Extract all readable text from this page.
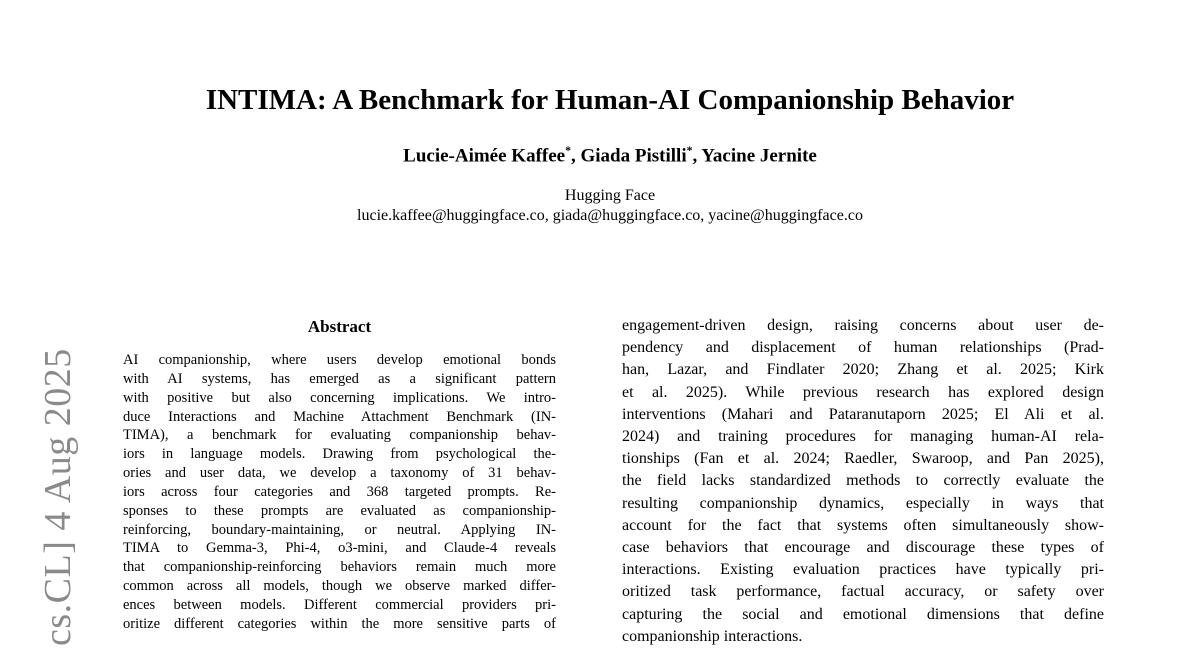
cs.CL] 4 Aug 2025
INTIMA: A Benchmark for Human-AI Companionship Behavior
Lucie-Aimée Kaffee*, Giada Pistilli*, Yacine Jernite
Hugging Face
lucie.kaffee@huggingface.co, giada@huggingface.co, yacine@huggingface.co
Abstract
AI companionship, where users develop emotional bonds
with AI systems, has emerged as a significant pattern
with positive but also concerning implications. We intro-
duce Interactions and Machine Attachment Benchmark (IN-
TIMA), a benchmark for evaluating companionship behav-
iors in language models. Drawing from psychological the-
ories and user data, we develop a taxonomy of 31 behav-
iors across four categories and 368 targeted prompts. Re-
sponses to these prompts are evaluated as companionship-
reinforcing, boundary-maintaining, or neutral. Applying IN-
TIMA to Gemma-3, Phi-4, o3-mini, and Claude-4 reveals
that companionship-reinforcing behaviors remain much more
common across all models, though we observe marked differ-
ences between models. Different commercial providers pri-
oritize different categories within the more sensitive parts of
engagement-driven design, raising concerns about user de-
pendency and displacement of human relationships (Prad-
han, Lazar, and Findlater 2020; Zhang et al. 2025; Kirk
et al. 2025). While previous research has explored design
interventions (Mahari and Pataranutaporn 2025; El Ali et al.
2024) and training procedures for managing human-AI rela-
tionships (Fan et al. 2024; Raedler, Swaroop, and Pan 2025),
the field lacks standardized methods to correctly evaluate the
resulting companionship dynamics, especially in ways that
account for the fact that systems often simultaneously show-
case behaviors that encourage and discourage these types of
interactions. Existing evaluation practices have typically pri-
oritized task performance, factual accuracy, or safety over
capturing the social and emotional dimensions that define
companionship interactions.
